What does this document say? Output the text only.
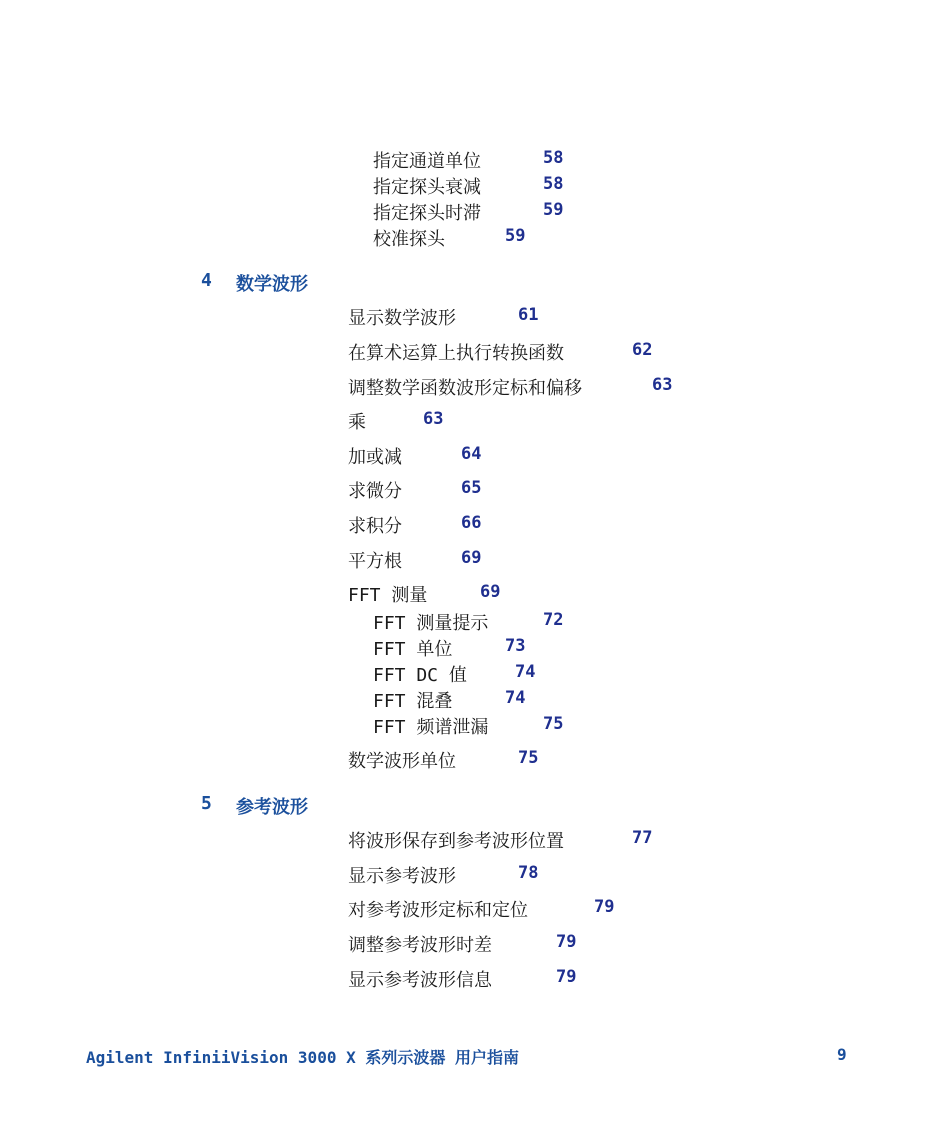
指定通道单位	58
指定探头衰减	58
指定探头时滞	59
校准探头	59
4 数学波形
显示数学波形	61
在算术运算上执行转换函数	62
调整数学函数波形定标和偏移	63
乘	63
加或减	64
求微分	65
求积分	66
平方根	69
FFT 测量	69
FFT 测量提示	72
FFT 单位	73
FFT DC 值	74
FFT 混叠	74
FFT 频谱泄漏	75
数学波形单位	75
5 参考波形
将波形保存到参考波形位置	77
显示参考波形	78
对参考波形定标和定位	79
调整参考波形时差	79
显示参考波形信息	79
Agilent InfiniiVision 3000 X 系列示波器 用户指南	9
